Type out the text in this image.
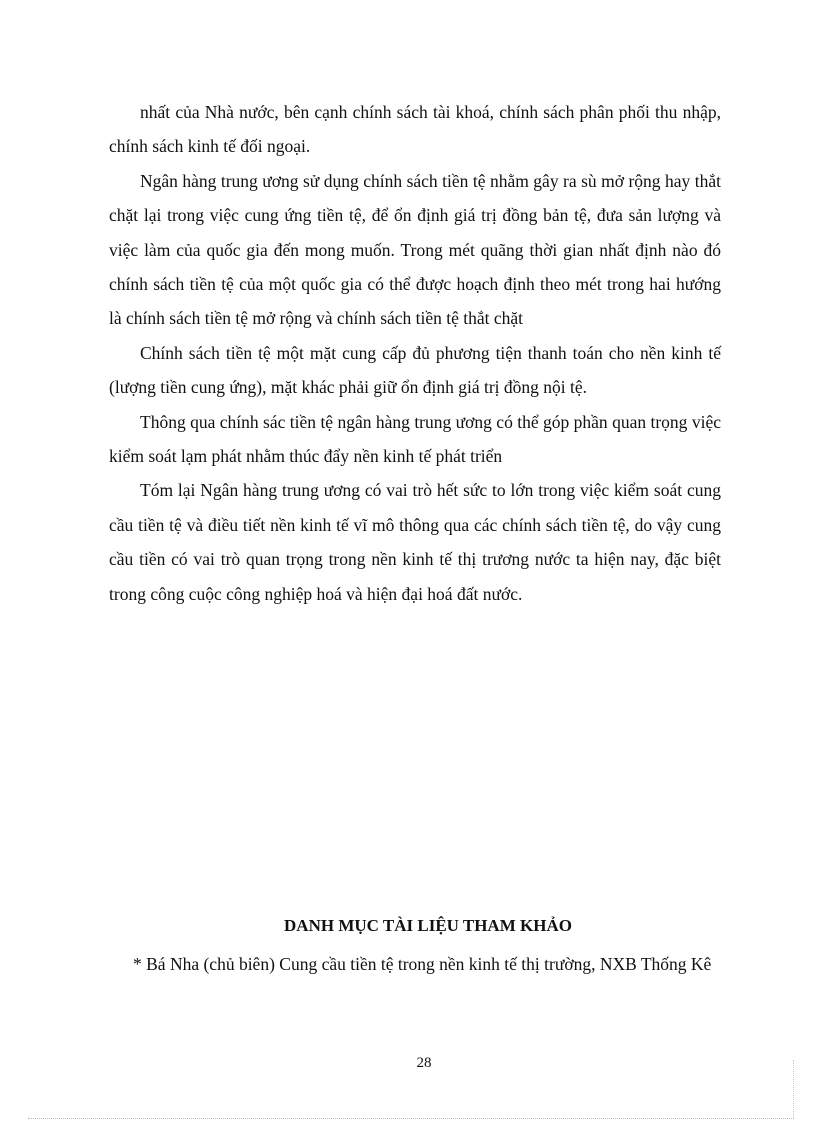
nhất của Nhà nước, bên cạnh chính sách tài khoá, chính sách phân phối thu nhập, chính sách kinh tế đối ngoại.

Ngân hàng trung ương sử dụng chính sách tiền tệ nhằm gây ra sù mở rộng hay thắt chặt lại trong việc cung ứng tiền tệ, để ổn định giá trị đồng bản tệ, đưa sản lượng và việc làm của quốc gia đến mong muốn. Trong mét quãng thời gian nhất định nào đó chính sách tiền tệ của một quốc gia có thể được hoạch định theo mét trong hai hướng là chính sách tiền tệ mở rộng và chính sách tiền tệ thắt chặt

Chính sách tiền tệ một mặt cung cấp đủ phương tiện thanh toán cho nền kinh tế (lượng tiền cung ứng), mặt khác phải giữ ổn định giá trị đồng nội tệ.

Thông qua chính sác tiền tệ ngân hàng trung ương có thể góp phần quan trọng việc kiểm soát lạm phát nhằm thúc đẩy nền kinh tế phát triển

Tóm lại Ngân hàng trung ương có vai trò hết sức to lớn trong việc kiểm soát cung cầu tiền tệ và điều tiết nền kinh tế vĩ mô thông qua các chính sách tiền tệ, do vậy cung cầu tiền có vai trò quan trọng trong nền kinh tế thị trương nước ta hiện nay, đặc biệt trong công cuộc công nghiệp hoá và hiện đại hoá đất nước.

DANH MỤC TÀI LIỆU THAM KHẢO

* Bá Nha (chủ biên) Cung cầu tiền tệ trong nền kinh tế thị trường, NXB Thống Kê

28
